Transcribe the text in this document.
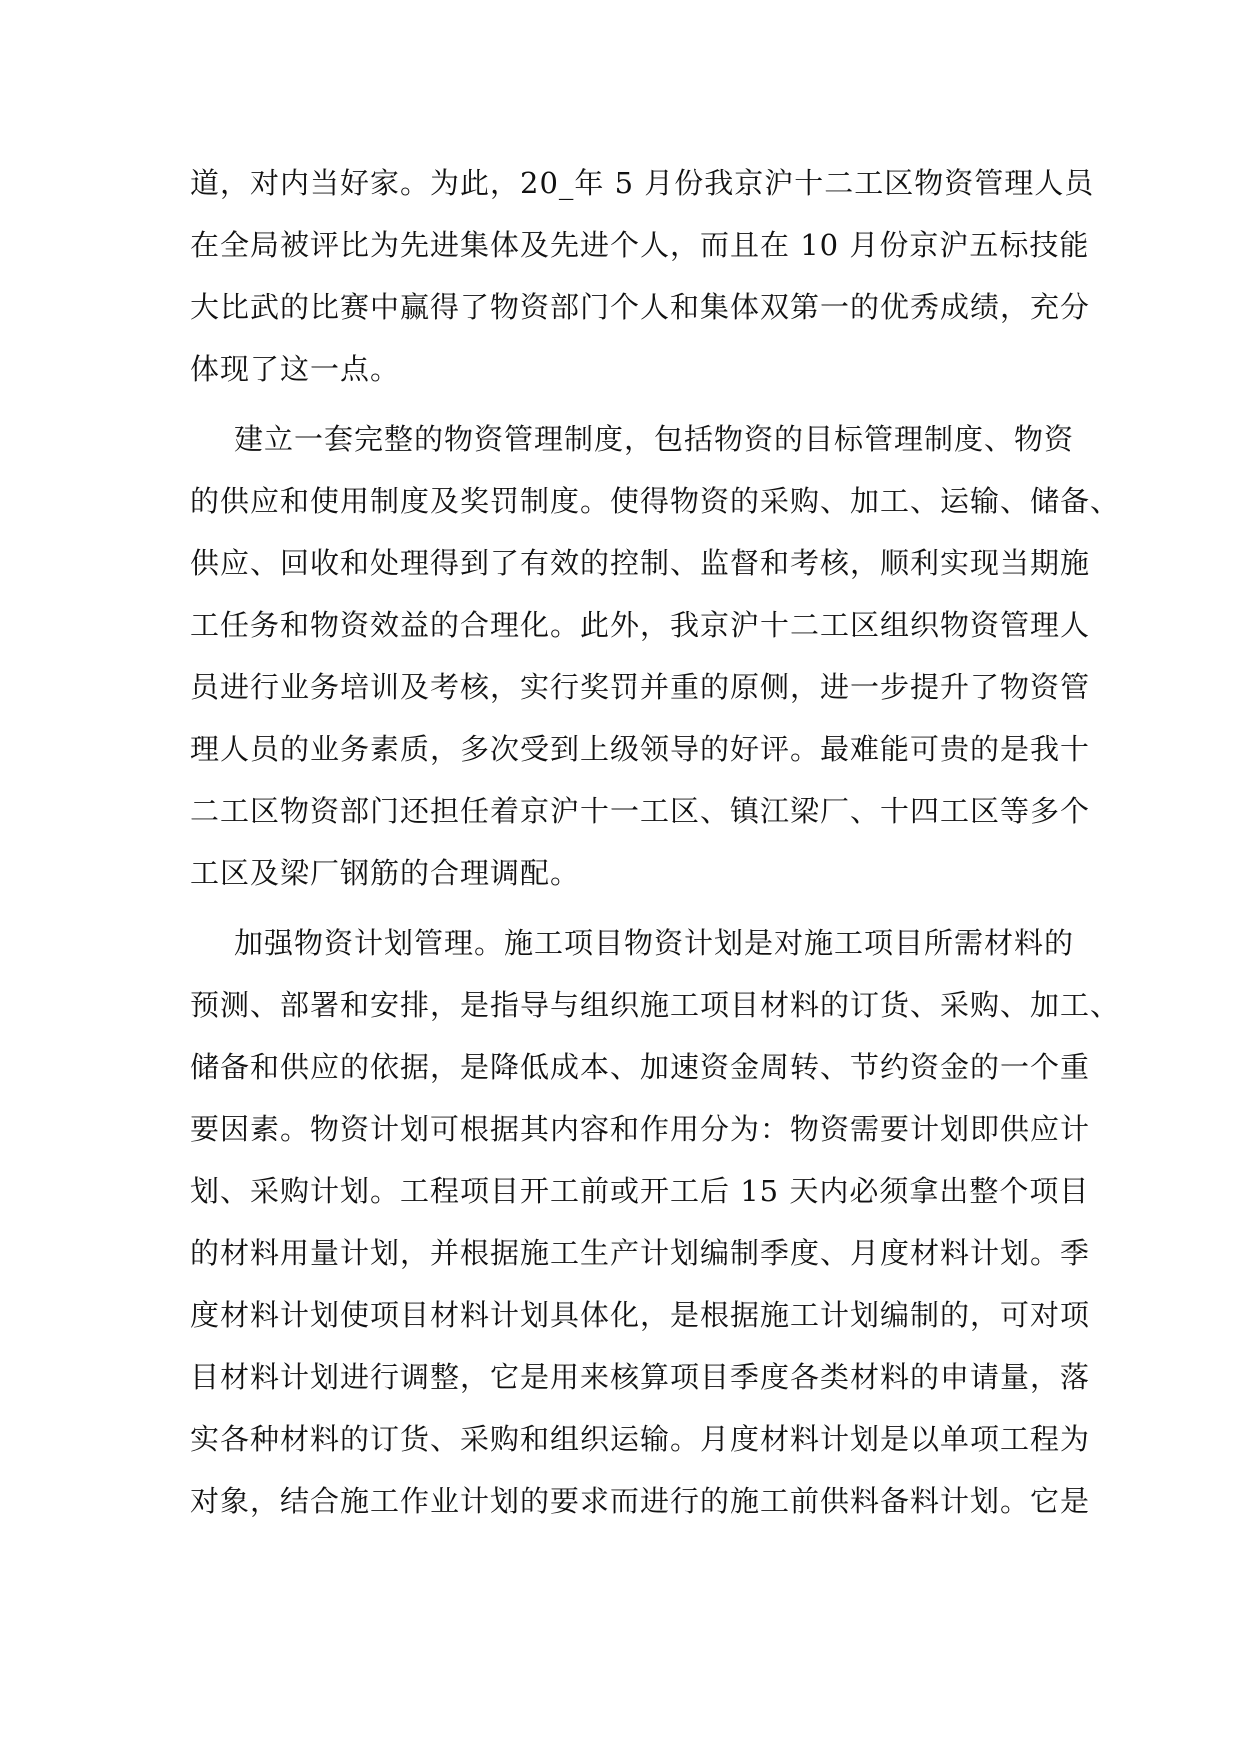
道，对内当好家。为此，20_年 5 月份我京沪十二工区物资管理人员
在全局被评比为先进集体及先进个人，而且在 10 月份京沪五标技能
大比武的比赛中赢得了物资部门个人和集体双第一的优秀成绩，充分
体现了这一点。
建立一套完整的物资管理制度，包括物资的目标管理制度、物资
的供应和使用制度及奖罚制度。使得物资的采购、加工、运输、储备、
供应、回收和处理得到了有效的控制、监督和考核，顺利实现当期施
工任务和物资效益的合理化。此外，我京沪十二工区组织物资管理人
员进行业务培训及考核，实行奖罚并重的原侧，进一步提升了物资管
理人员的业务素质，多次受到上级领导的好评。最难能可贵的是我十
二工区物资部门还担任着京沪十一工区、镇江梁厂、十四工区等多个
工区及梁厂钢筋的合理调配。
加强物资计划管理。施工项目物资计划是对施工项目所需材料的
预测、部署和安排，是指导与组织施工项目材料的订货、采购、加工、
储备和供应的依据，是降低成本、加速资金周转、节约资金的一个重
要因素。物资计划可根据其内容和作用分为：物资需要计划即供应计
划、采购计划。工程项目开工前或开工后 15 天内必须拿出整个项目
的材料用量计划，并根据施工生产计划编制季度、月度材料计划。季
度材料计划使项目材料计划具体化，是根据施工计划编制的，可对项
目材料计划进行调整，它是用来核算项目季度各类材料的申请量，落
实各种材料的订货、采购和组织运输。月度材料计划是以单项工程为
对象，结合施工作业计划的要求而进行的施工前供料备料计划。它是
